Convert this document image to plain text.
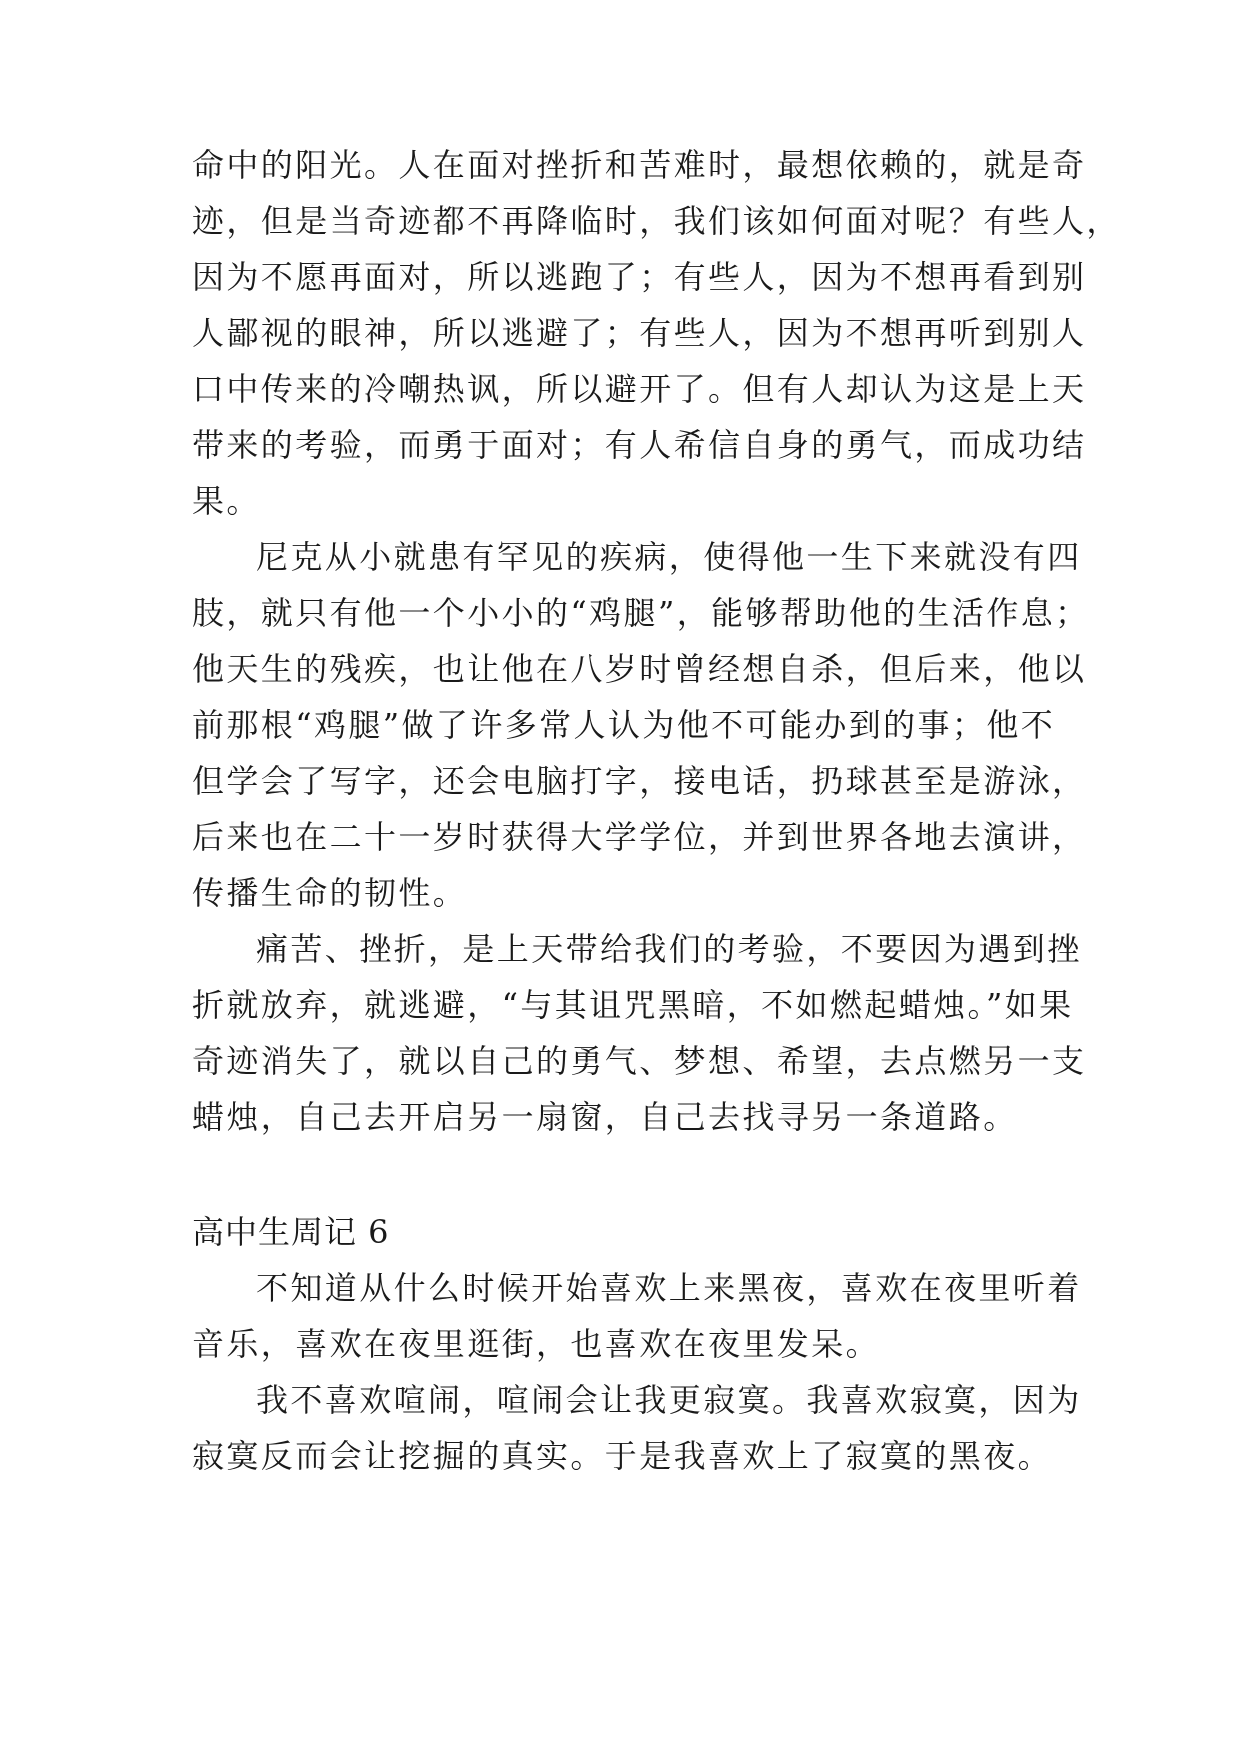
命中的阳光。人在面对挫折和苦难时，最想依赖的，就是奇
迹，但是当奇迹都不再降临时，我们该如何面对呢？有些人，
因为不愿再面对，所以逃跑了；有些人，因为不想再看到别
人鄙视的眼神，所以逃避了；有些人，因为不想再听到别人
口中传来的冷嘲热讽，所以避开了。但有人却认为这是上天
带来的考验，而勇于面对；有人希信自身的勇气，而成功结
果。
尼克从小就患有罕见的疾病，使得他一生下来就没有四
肢，就只有他一个小小的“鸡腿”，能够帮助他的生活作息；
他天生的残疾，也让他在八岁时曾经想自杀，但后来，他以
前那根“鸡腿”做了许多常人认为他不可能办到的事；他不
但学会了写字，还会电脑打字，接电话，扔球甚至是游泳，
后来也在二十一岁时获得大学学位，并到世界各地去演讲，
传播生命的韧性。
痛苦、挫折，是上天带给我们的考验，不要因为遇到挫
折就放弃，就逃避，“与其诅咒黑暗，不如燃起蜡烛。”如果
奇迹消失了，就以自己的勇气、梦想、希望，去点燃另一支
蜡烛，自己去开启另一扇窗，自己去找寻另一条道路。
高中生周记 6
不知道从什么时候开始喜欢上来黑夜，喜欢在夜里听着
音乐，喜欢在夜里逛街，也喜欢在夜里发呆。
我不喜欢喧闹，喧闹会让我更寂寞。我喜欢寂寞，因为
寂寞反而会让挖掘的真实。于是我喜欢上了寂寞的黑夜。
